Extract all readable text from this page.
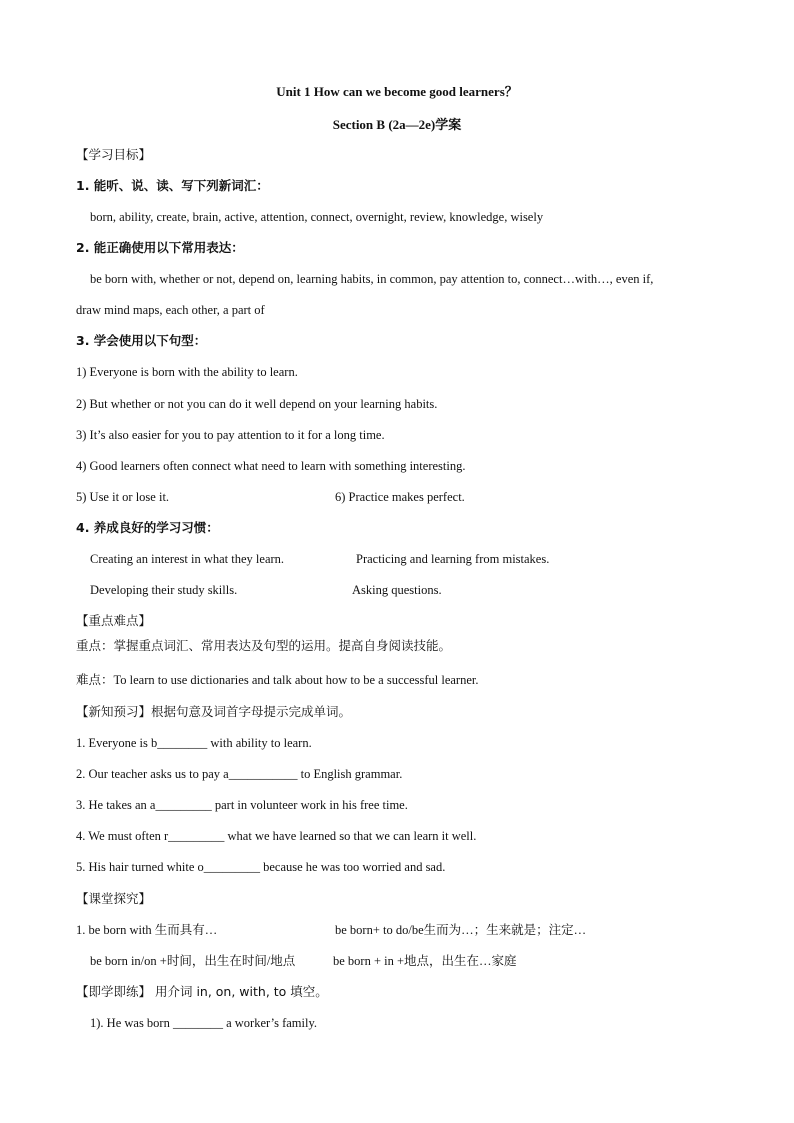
Unit 1 How can we become good learners？
Section B (2a—2e)学案
【学习目标】
1. 能听、说、读、写下列新词汇：
born, ability, create, brain, active, attention, connect, overnight, review, knowledge, wisely
2. 能正确使用以下常用表达：
be born with, whether or not, depend on, learning habits, in common, pay attention to, connect…with…, even if,
draw mind maps, each other, a part of
3. 学会使用以下句型：
1) Everyone is born with the ability to learn.
2) But whether or not you can do it well depend on your learning habits.
3) It’s also easier for you to pay attention to it for a long time.
4) Good learners often connect what need to learn with something interesting.
5) Use it or lose it.	6) Practice makes perfect.
4. 养成良好的学习习惯：
Creating an interest in what they learn.	Practicing and learning from mistakes.
Developing their study skills.	Asking questions.
【重点难点】
重点：掌握重点词汇、常用表达及句型的运用。提高自身阅读技能。
难点：To learn to use dictionaries and talk about how to be a successful learner.
【新知预习】根据句意及词首字母提示完成单词。
1. Everyone is b________ with ability to learn.
2. Our teacher asks us to pay a___________ to English grammar.
3. He takes an a_________ part in volunteer work in his free time.
4. We must often r_________ what we have learned so that we can learn it well.
5. His hair turned white o_________ because he was too worried and sad.
【课堂探究】
1. be born with 生而具有…	be born+ to do/be生而为…；生来就是；注定…
be born in/on +时间，出生在时间/地点	be born + in +地点，出生在…家庭
【即学即练】 用介词 in, on, with, to 填空。
1). He was born ________ a worker’s family.
